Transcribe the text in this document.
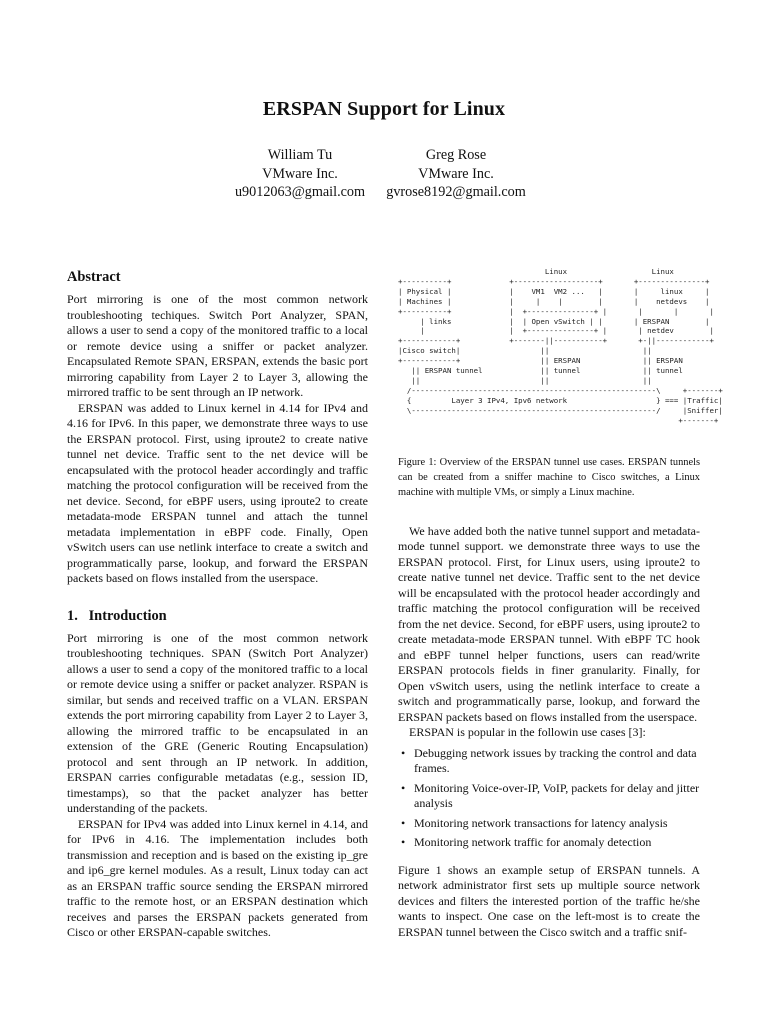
ERSPAN Support for Linux
William Tu
VMware Inc.
u9012063@gmail.com
Greg Rose
VMware Inc.
gvrose8192@gmail.com
Abstract

Port mirroring is one of the most common network troubleshooting techiques. Switch Port Analyzer, SPAN, allows a user to send a copy of the monitored traffic to a local or remote device using a sniffer or packet analyzer. Encapsulated Remote SPAN, ERSPAN, extends the basic port mirroring capability from Layer 2 to Layer 3, allowing the mirrored traffic to be sent through an IP network.

ERSPAN was added to Linux kernel in 4.14 for IPv4 and 4.16 for IPv6. In this paper, we demonstrate three ways to use the ERSPAN protocol. First, using iproute2 to create native tunnel net device. Traffic sent to the net device will be encapsulated with the protocol header accordingly and traffic matching the protocol configuration will be received from the net device. Second, for eBPF users, using iproute2 to create metadata-mode ERSPAN tunnel and attach the tunnel metadata implementation in eBPF code. Finally, Open vSwitch users can use netlink interface to create a switch and programmatically parse, lookup, and forward the ERSPAN packets based on flows installed from the userspace.

1.   Introduction

Port mirroring is one of the most common network troubleshooting techniques. SPAN (Switch Port Analyzer) allows a user to send a copy of the monitored traffic to a local or remote device using a sniffer or packet analyzer. RSPAN is similar, but sends and received traffic on a VLAN. ERSPAN extends the port mirroring capability from Layer 2 to Layer 3, allowing the mirrored traffic to be encapsulated in an extension of the GRE (Generic Routing Encapsulation) protocol and sent through an IP network. In addition, ERSPAN carries configurable metadatas (e.g., session ID, timestamps), so that the packet analyzer has better understanding of the packets.

ERSPAN for IPv4 was added into Linux kernel in 4.14, and for IPv6 in 4.16. The implementation includes both transmission and reception and is based on the existing ip_gre and ip6_gre kernel modules. As a result, Linux today can act as an ERSPAN traffic source sending the ERSPAN mirrored traffic to the remote host, or an ERSPAN destination which receives and parses the ERSPAN packets generated from Cisco or other ERSPAN-capable switches.

Linux                   Linux
+----------+             +-------------------+       +---------------+
| Physical |             |    VM1  VM2 ...   |       |     linux     |
| Machines |             |     |    |        |       |    netdevs    |
+----------+             |  +---------------+ |       |       |       |
| links             |  | Open vSwitch | |       | ERSPAN        |
|                   |  +---------------+ |       | netdev        |
+------------+           +-------||-----------+       +-||------------+
|Cisco switch|                  ||                     ||
+------------+                  || ERSPAN              || ERSPAN
|| ERSPAN tunnel             || tunnel              || tunnel
||                           ||                     ||
/-------------------------------------------------------\     +-------+
{         Layer 3 IPv4, Ipv6 network                    } === |Traffic|
\-------------------------------------------------------/     |Sniffer|
+-------+
Figure 1: Overview of the ERSPAN tunnel use cases. ERSPAN tunnels can be created from a sniffer machine to Cisco switches, a Linux machine with multiple VMs, or simply a Linux machine.

We have added both the native tunnel support and metadata-mode tunnel support. we demonstrate three ways to use the ERSPAN protocol. First, for Linux users, using iproute2 to create native tunnel net device. Traffic sent to the net device will be encapsulated with the protocol header accordingly and traffic matching the protocol configuration will be received from the net device. Second, for eBPF users, using iproute2 to create metadata-mode ERSPAN tunnel. With eBPF TC hook and eBPF tunnel helper functions, users can read/write ERSPAN protocols fields in finer granularity. Finally, for Open vSwitch users, using the netlink interface to create a switch and programmatically parse, lookup, and forward the ERSPAN packets based on flows installed from the userspace.

ERSPAN is popular in the followin use cases [3]:

• Debugging network issues by tracking the control and data frames.
• Monitoring Voice-over-IP, VoIP, packets for delay and jitter analysis
• Monitoring network transactions for latency analysis
• Monitoring network traffic for anomaly detection

Figure 1 shows an example setup of ERSPAN tunnels. A network administrator first sets up multiple source network devices and filters the interested portion of the traffic he/she wants to inspect. One case on the left-most is to create the ERSPAN tunnel between the Cisco switch and a traffic snif-
